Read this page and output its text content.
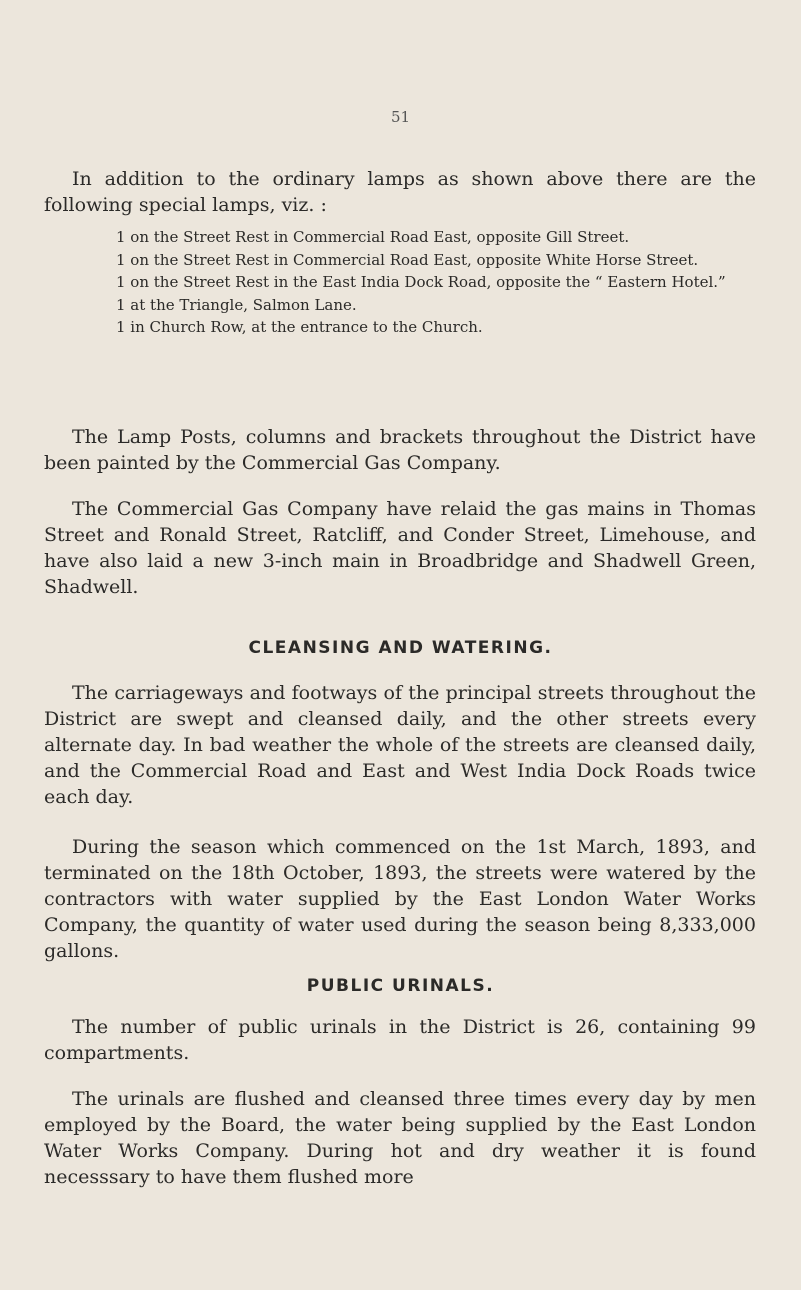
51

In addition to the ordinary lamps as shown above there are the following special lamps, viz. :

1 on the Street Rest in Commercial Road East, opposite Gill Street.
1 on the Street Rest in Commercial Road East, opposite White Horse Street.
1 on the Street Rest in the East India Dock Road, opposite the “ Eastern Hotel.”
1 at the Triangle, Salmon Lane.
1 in Church Row, at the entrance to the Church.

The Lamp Posts, columns and brackets throughout the District have been painted by the Commercial Gas Company.

The Commercial Gas Company have relaid the gas mains in Thomas Street and Ronald Street, Ratcliff, and Conder Street, Limehouse, and have also laid a new 3-inch main in Broadbridge and Shadwell Green, Shadwell.

CLEANSING AND WATERING.

The carriageways and footways of the principal streets throughout the District are swept and cleansed daily, and the other streets every alternate day. In bad weather the whole of the streets are cleansed daily, and the Commercial Road and East and West India Dock Roads twice each day.

During the season which commenced on the 1st March, 1893, and terminated on the 18th October, 1893, the streets were watered by the contractors with water supplied by the East London Water Works Company, the quantity of water used during the season being 8,333,000 gallons.

PUBLIC URINALS.

The number of public urinals in the District is 26, containing 99 compartments.

The urinals are flushed and cleansed three times every day by men employed by the Board, the water being supplied by the East London Water Works Company. During hot and dry weather it is found necesssary to have them flushed more
